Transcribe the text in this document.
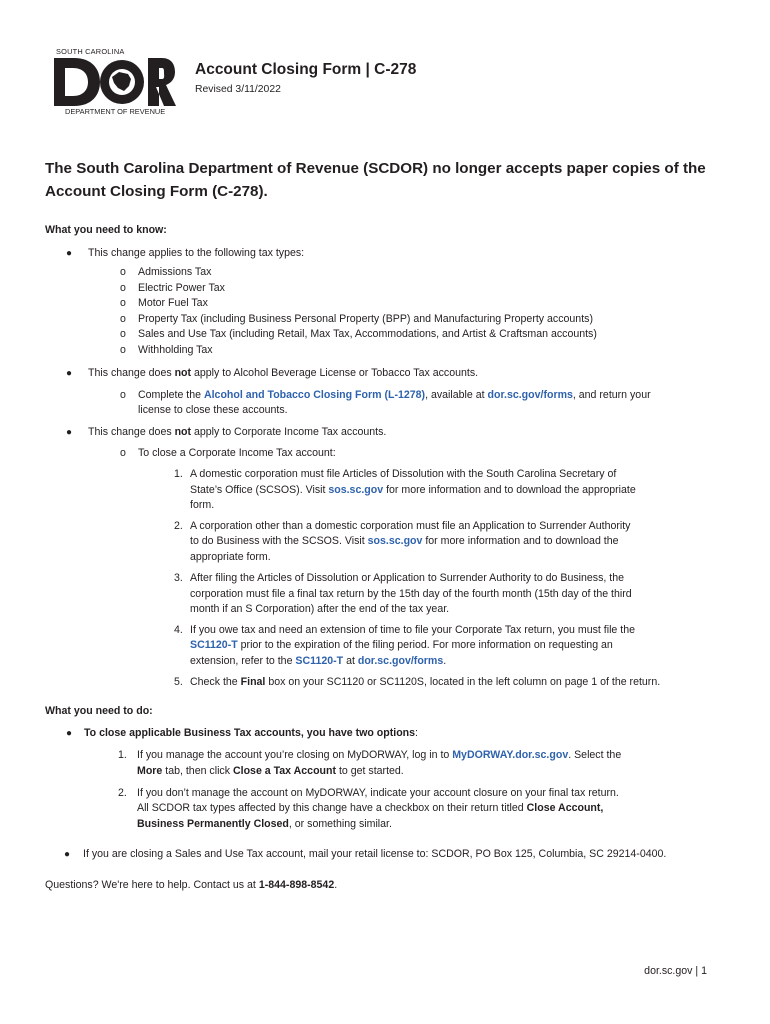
SOUTH CAROLINA
DEPARTMENT OF REVENUE
Account Closing Form | C-278
Revised 3/11/2022
The South Carolina Department of Revenue (SCDOR) no longer accepts paper copies of the Account Closing Form (C-278).
What you need to know:
● This change applies to the following tax types:
o Admissions Tax
o Electric Power Tax
o Motor Fuel Tax
o Property Tax (including Business Personal Property (BPP) and Manufacturing Property accounts)
o Sales and Use Tax (including Retail, Max Tax, Accommodations, and Artist & Craftsman accounts)
o Withholding Tax
● This change does not apply to Alcohol Beverage License or Tobacco Tax accounts.
o Complete the Alcohol and Tobacco Closing Form (L-1278), available at dor.sc.gov/forms, and return your
license to close these accounts.
● This change does not apply to Corporate Income Tax accounts.
o To close a Corporate Income Tax account:
1. A domestic corporation must file Articles of Dissolution with the South Carolina Secretary of
State’s Office (SCSOS). Visit sos.sc.gov for more information and to download the appropriate
form.
2. A corporation other than a domestic corporation must file an Application to Surrender Authority
to do Business with the SCSOS. Visit sos.sc.gov for more information and to download the
appropriate form.
3. After filing the Articles of Dissolution or Application to Surrender Authority to do Business, the
corporation must file a final tax return by the 15th day of the fourth month (15th day of the third
month if an S Corporation) after the end of the tax year.
4. If you owe tax and need an extension of time to file your Corporate Tax return, you must file the
SC1120-T prior to the expiration of the filing period. For more information on requesting an
extension, refer to the SC1120-T at dor.sc.gov/forms.
5. Check the Final box on your SC1120 or SC1120S, located in the left column on page 1 of the return.
What you need to do:
● To close applicable Business Tax accounts, you have two options:
1. If you manage the account you’re closing on MyDORWAY, log in to MyDORWAY.dor.sc.gov. Select the
More tab, then click Close a Tax Account to get started.
2. If you don’t manage the account on MyDORWAY, indicate your account closure on your final tax return.
All SCDOR tax types affected by this change have a checkbox on their return titled Close Account,
Business Permanently Closed, or something similar.
● If you are closing a Sales and Use Tax account, mail your retail license to: SCDOR, PO Box 125, Columbia, SC 29214-0400.
Questions? We're here to help. Contact us at 1-844-898-8542.
dor.sc.gov | 1
